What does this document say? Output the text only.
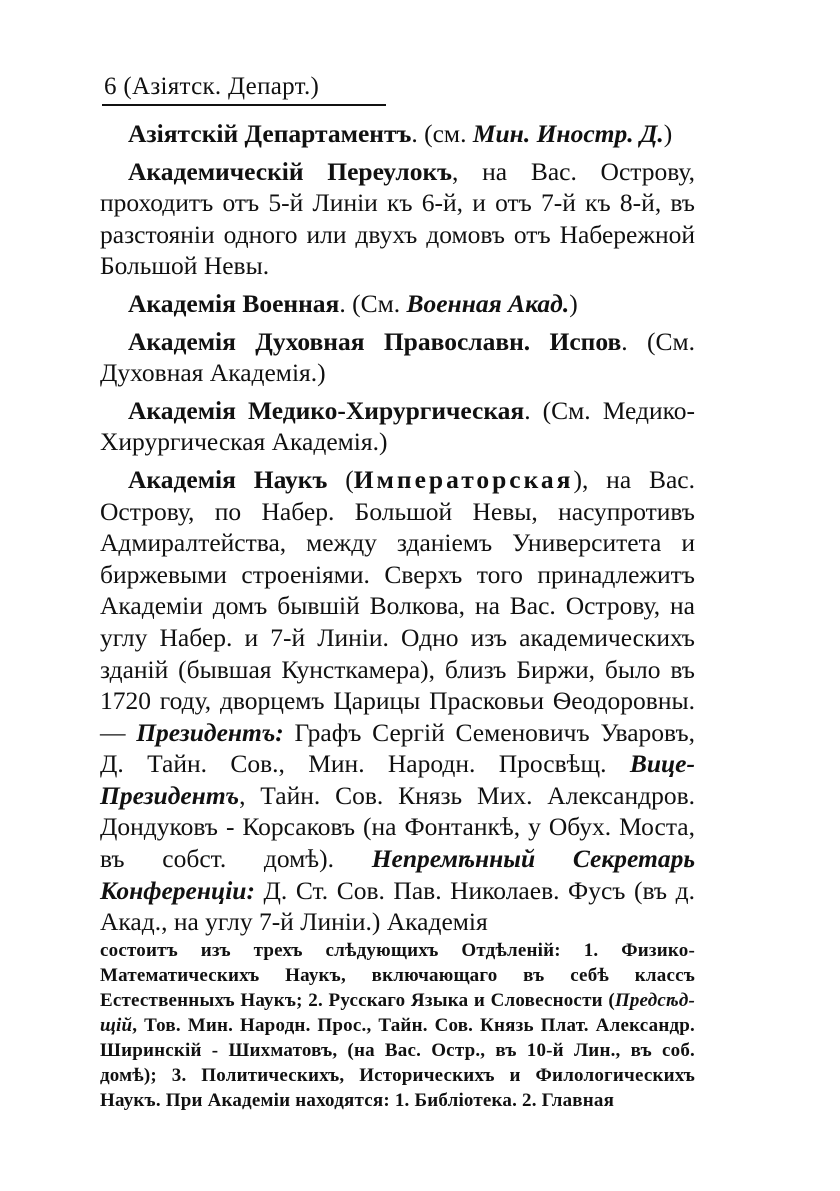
6 (Азіятск. Департ.)

Азіятскій Департаментъ. (см. Мин. Иностр. Д.)

Академическій Переулокъ, на Вас. Острову, проходитъ отъ 5-й Линіи къ 6-й, и отъ 7-й къ 8-й, въ разстояніи одного или двухъ домовъ отъ Набережной Большой Невы.

Академія Военная. (См. Военная Акад.)

Академія Духовная Православн. Испов. (См. Духовная Академія.)

Академія Медико-Хирургическая. (См. Медико-Хирургическая Академія.)

Академія Наукъ (Императорская), на Вас. Острову, по Набер. Большой Невы, насупротивъ Адмиралтейства, между зданіемъ Университета и биржевыми строеніями. Сверхъ того принадлежитъ Академіи домъ бывшій Волкова, на Вас. Острову, на углу Набер. и 7-й Линіи. Одно изъ академическихъ зданій (бывшая Кунсткамера), близъ Биржи, было въ 1720 году, дворцемъ Царицы Прасковьи Ѳеодоровны. — Президентъ: Графъ Сергій Семеновичъ Уваровъ, Д. Тайн. Сов., Мин. Народн. Просвѣщ. Вице-Президентъ, Тайн. Сов. Князь Мих. Александров. Дондуковъ - Корсаковъ (на Фонтанкѣ, у Обух. Моста, въ собст. домѣ). Непремѣнный Секретарь Конференціи: Д. Ст. Сов. Пав. Николаев. Фусъ (въ д. Акад., на углу 7-й Линіи.) Академія

состоитъ изъ трехъ слѣдующихъ Отдѣленій: 1. Физико-Математическихъ Наукъ, включающаго въ себѣ классъ Естественныхъ Наукъ; 2. Русскаго Языка и Словесности (Предсѣд-щій, Тов. Мин. Народн. Прос., Тайн. Сов. Князь Плат. Александр. Ширинскій - Шихматовъ, (на Вас. Остр., въ 10-й Лин., въ соб. домѣ); 3. Политическихъ, Историческихъ и Филологическихъ Наукъ. При Академіи находятся: 1. Библіотека. 2. Главная
